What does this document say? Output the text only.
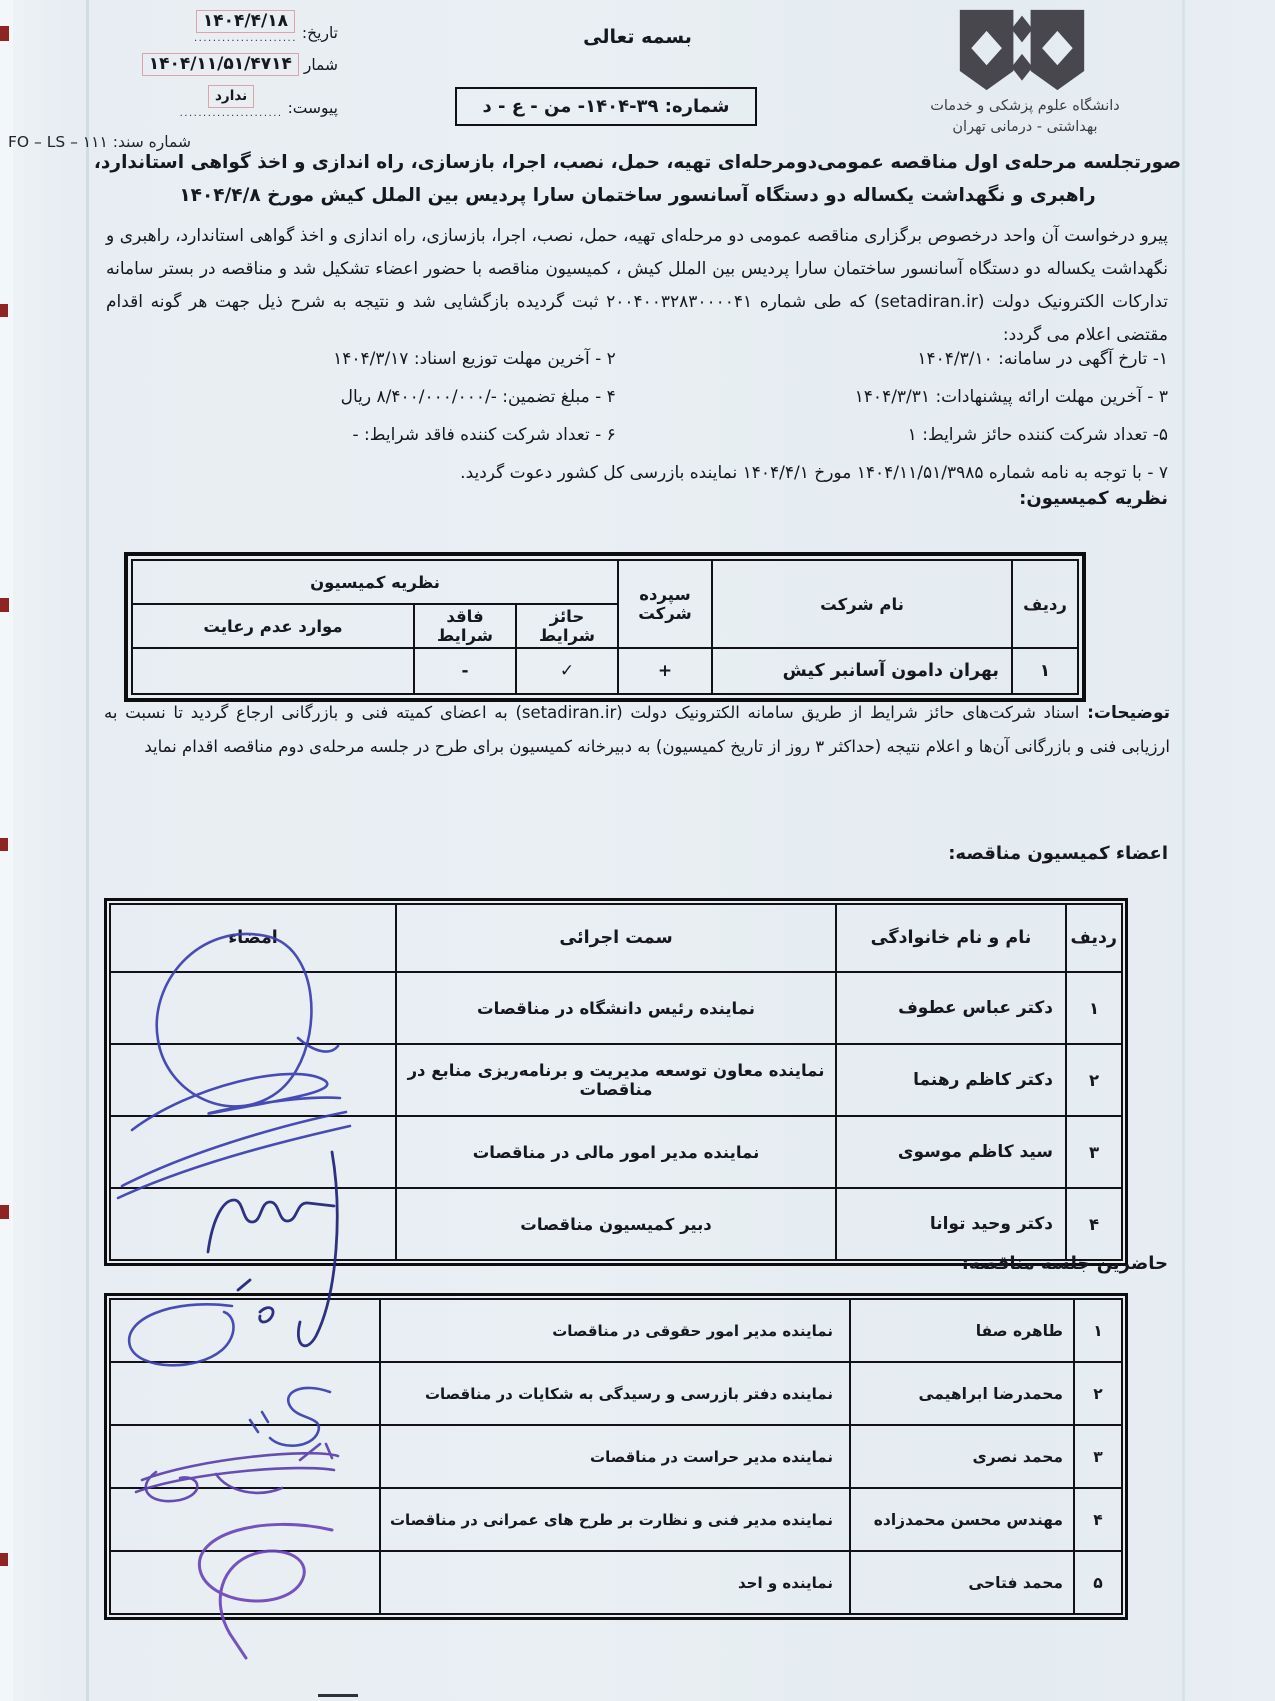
تاریخ:
۱۴۰۴/۴/۱۸
......................
شمار
۱۴۰۴/۱۱/۵۱/۴۷۱۴
پیوست:
ندارد
......................
شماره سند: FO – LS – ۱۱۱
بسمه تعالی
شماره: ۳۹‏-۱۴۰۴‏- من - ع - د	دانشگاه علوم پزشکی و خدمات
بهداشتی - درمانی تهران
صورتجلسه مرحله‌ی اول مناقصه عمومی‌دومرحله‌ای تهیه، حمل، نصب، اجرا، بازسازی، راه اندازی و اخذ گواهی استاندارد،
راهبری و نگهداشت یکساله دو دستگاه آسانسور ساختمان سارا پردیس بین الملل کیش مورخ ۱۴۰۴/۴/۸
پیرو درخواست آن واحد درخصوص برگزاری مناقصه عمومی دو مرحله‌ای تهیه، حمل، نصب، اجرا، بازسازی، راه اندازی و اخذ گواهی استاندارد، راهبری و نگهداشت یکساله دو دستگاه آسانسور ساختمان سارا پردیس بین الملل کیش ، کمیسیون مناقصه با حضور اعضاء تشکیل شد و مناقصه در بستر سامانه تدارکات الکترونیک دولت (setadiran.ir) که طی شماره ۲۰۰۴۰۰۳۲۸۳۰۰۰۰۴۱ ثبت گردیده بازگشایی شد و نتیجه به شرح ذیل جهت هر گونه اقدام مقتضی اعلام می گردد:
۱- تارخ آگهی در سامانه: ۱۴۰۴/۳/۱۰
۲ - آخرین مهلت توزیع اسناد: ۱۴۰۴/۳/۱۷
۳ - آخرین مهلت ارائه پیشنهادات: ۱۴۰۴/۳/۳۱
۴ - مبلغ تضمین: -/۸/۴۰۰/۰۰۰/۰۰۰ ریال
۵- تعداد شرکت کننده حائز شرایط: ۱
۶ - تعداد شرکت کننده فاقد شرایط: -
۷ - با توجه به نامه شماره ۱۴۰۴/۱۱/۵۱/۳۹۸۵ مورخ ۱۴۰۴/۴/۱ نماینده بازرسی کل کشور دعوت گردید.
نظریه کمیسیون:
ردیف	نام شرکت	سپرده شرکت	نظریه کمیسیون		
			حائز شرایط	فاقد شرایط	موارد عدم رعایت
۱	بهران دامون آسانبر کیش	+	✓	-	
توضیحات: اسناد شرکت‌های حائز شرایط از طریق سامانه الکترونیک دولت (setadiran.ir) به اعضای کمیته فنی و بازرگانی ارجاع گردید تا نسبت به ارزیابی فنی و بازرگانی آن‌ها و اعلام نتیجه (حداکثر ۳ روز از تاریخ کمیسیون) به دبیرخانه کمیسیون برای طرح در جلسه مرحله‌ی دوم مناقصه اقدام نماید
اعضاء کمیسیون مناقصه:
ردیف	نام و نام خانوادگی	سمت اجرائی	امضاء
۱	دکتر عباس عطوف	نماینده رئیس دانشگاه در مناقصات	
۲	دکتر کاظم رهنما	نماینده معاون توسعه مدیریت و برنامه‌ریزی منابع در مناقصات	
۳	سید کاظم موسوی	نماینده مدیر امور مالی در مناقصات	
۴	دکتر وحید توانا	دبیر کمیسیون مناقصات	
حاضرین جلسه مناقصه:
۱	طاهره صفا	نماینده مدیر امور حقوقی در مناقصات	
۲	محمدرضا ابراهیمی	نماینده دفتر بازرسی و رسیدگی به شکایات در مناقصات	
۳	محمد نصری	نماینده مدیر حراست در مناقصات	
۴	مهندس محسن محمدزاده	نماینده مدیر فنی و نظارت بر طرح های عمرانی در مناقصات	
۵	محمد فتاحی	نماینده و احد	
